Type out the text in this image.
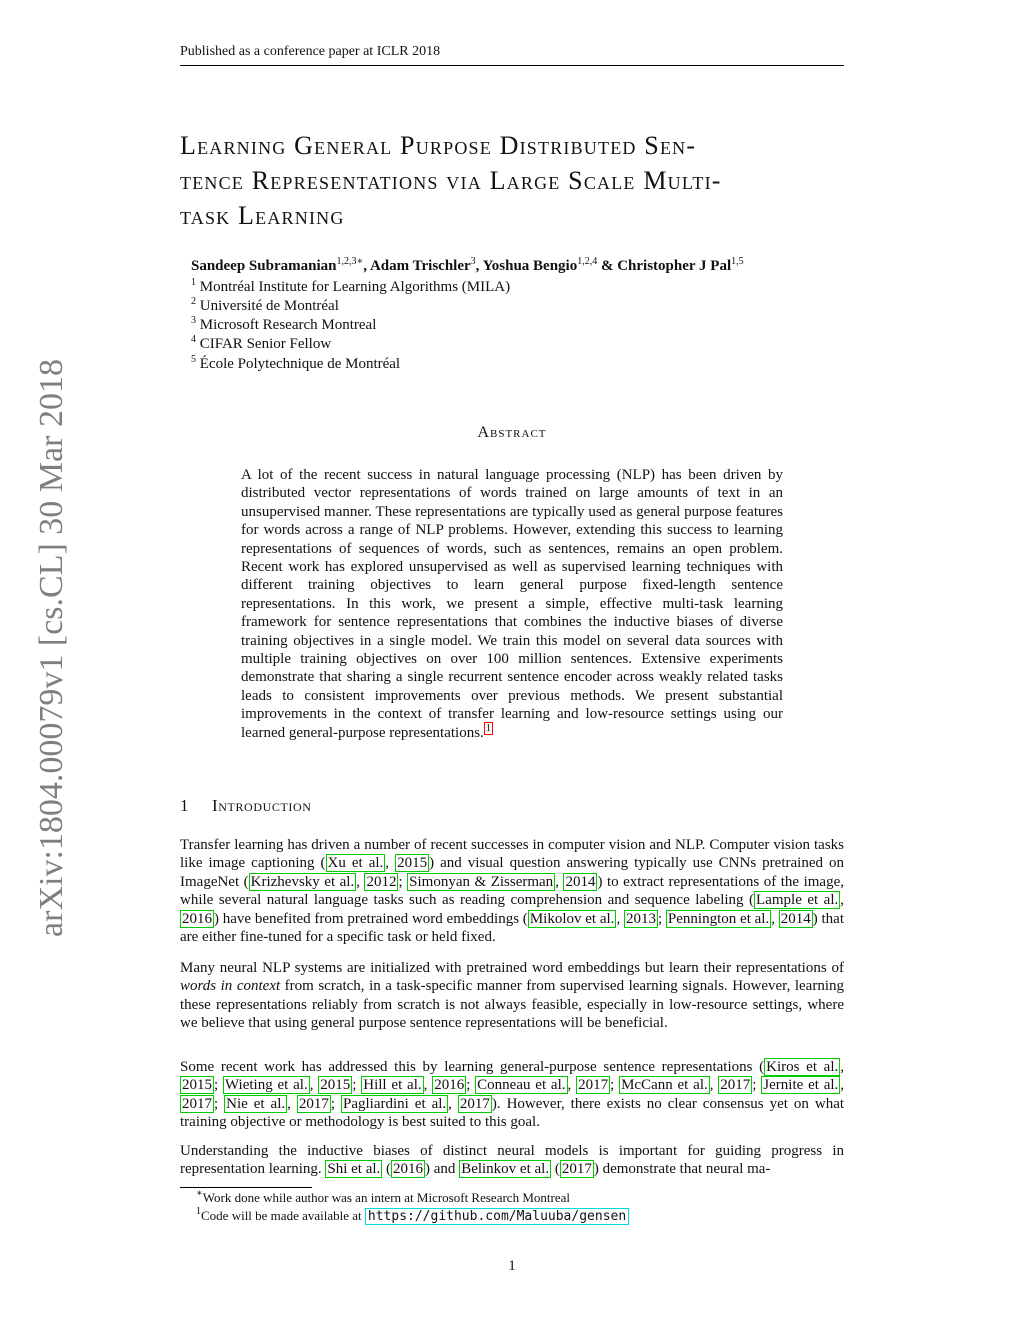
Published as a conference paper at ICLR 2018
arXiv:1804.00079v1 [cs.CL] 30 Mar 2018
Learning General Purpose Distributed Sen-
tence Representations via Large Scale Multi-
task Learning
Sandeep Subramanian$^{1,2,3∗}$, Adam Trischler$^3$, Yoshua Bengio$^{1,2,4}$ & Christopher J Pal$^{1,5}$
$^1$ Montréal Institute for Learning Algorithms (MILA)
$^2$ Université de Montréal
$^3$ Microsoft Research Montreal
$^4$ CIFAR Senior Fellow
$^5$ École Polytechnique de Montréal
Abstract
A lot of the recent success in natural language processing (NLP) has been driven by distributed vector representations of words trained on large amounts of text in an unsupervised manner. These representations are typically used as general purpose features for words across a range of NLP problems. However, extending this success to learning representations of sequences of words, such as sentences, remains an open problem. Recent work has explored unsupervised as well as supervised learning techniques with different training objectives to learn general purpose fixed-length sentence representations. In this work, we present a simple, effective multi-task learning framework for sentence representations that combines the inductive biases of diverse training objectives in a single model. We train this model on several data sources with multiple training objectives on over 100 million sentences. Extensive experiments demonstrate that sharing a single recurrent sentence encoder across weakly related tasks leads to consistent improvements over previous methods. We present substantial improvements in the context of transfer learning and low-resource settings using our learned general-purpose representations. $^1$
1 Introduction
Transfer learning has driven a number of recent successes in computer vision and NLP. Computer vision tasks like image captioning ( Xu et al. , 2015 ) and visual question answering typically use CNNs pretrained on ImageNet ( Krizhevsky et al. , 2012 ; Simonyan & Zisserman , 2014 ) to extract representations of the image, while several natural language tasks such as reading comprehension and sequence labeling ( Lample et al. , 2016 ) have benefited from pretrained word embeddings ( Mikolov et al. , 2013 ; Pennington et al. , 2014 ) that are either fine-tuned for a specific task or held fixed.
Many neural NLP systems are initialized with pretrained word embeddings but learn their representations of words in context from scratch, in a task-specific manner from supervised learning signals. However, learning these representations reliably from scratch is not always feasible, especially in low-resource settings, where we believe that using general purpose sentence representations will be beneficial.
Some recent work has addressed this by learning general-purpose sentence representations ( Kiros et al. , 2015 ; Wieting et al. , 2015 ; Hill et al. , 2016 ; Conneau et al. , 2017 ; McCann et al. , 2017 ; Jernite et al. , 2017 ; Nie et al. , 2017 ; Pagliardini et al. , 2017 ). However, there exists no clear consensus yet on what training objective or methodology is best suited to this goal.
Understanding the inductive biases of distinct neural models is important for guiding progress in representation learning. Shi et al. ( 2016 ) and Belinkov et al. ( 2017 ) demonstrate that neural ma-
∗Work done while author was an intern at Microsoft Research Montreal
$^1$Code will be made available at https://github.com/Maluuba/gensen
1
